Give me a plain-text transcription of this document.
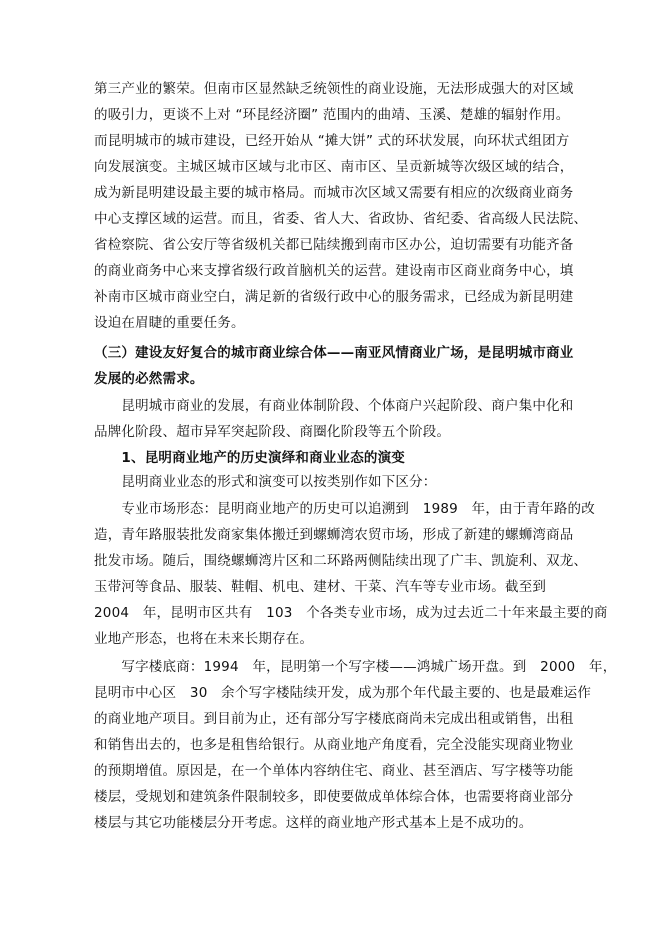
第三产业的繁荣。但南市区显然缺乏统领性的商业设施，无法形成强大的对区域
的吸引力，更谈不上对 “环昆经济圈” 范围内的曲靖、玉溪、楚雄的辐射作用。
而昆明城市的城市建设，已经开始从 “摊大饼” 式的环状发展，向环状式组团方
向发展演变。主城区城市区域与北市区、南市区、呈贡新城等次级区域的结合，
成为新昆明建设最主要的城市格局。而城市次区域又需要有相应的次级商业商务
中心支撑区域的运营。而且，省委、省人大、省政协、省纪委、省高级人民法院、
省检察院、省公安厅等省级机关都已陆续搬到南市区办公，迫切需要有功能齐备
的商业商务中心来支撑省级行政首脑机关的运营。建设南市区商业商务中心，填
补南市区城市商业空白，满足新的省级行政中心的服务需求，已经成为新昆明建
设迫在眉睫的重要任务。
（三）建设友好复合的城市商业综合体——南亚风情商业广场，是昆明城市商业
发展的必然需求。
　　昆明城市商业的发展，有商业体制阶段、个体商户兴起阶段、商户集中化和
品牌化阶段、超市异军突起阶段、商圈化阶段等五个阶段。
　　1、昆明商业地产的历史演绎和商业业态的演变
　　昆明商业业态的形式和演变可以按类别作如下区分：
　　专业市场形态：昆明商业地产的历史可以追溯到　1989　年，由于青年路的改
造，青年路服装批发商家集体搬迁到螺蛳湾农贸市场，形成了新建的螺蛳湾商品
批发市场。随后，围绕螺蛳湾片区和二环路两侧陆续出现了广丰、凯旋利、双龙、
玉带河等食品、服装、鞋帽、机电、建材、干菜、汽车等专业市场。截至到
2004　年，昆明市区共有　103　个各类专业市场，成为过去近二十年来最主要的商
业地产形态，也将在未来长期存在。
　　写字楼底商：1994　年，昆明第一个写字楼——鸿城广场开盘。到　2000　年，
昆明市中心区　30　余个写字楼陆续开发，成为那个年代最主要的、也是最难运作
的商业地产项目。到目前为止，还有部分写字楼底商尚未完成出租或销售，出租
和销售出去的，也多是租售给银行。从商业地产角度看，完全没能实现商业物业
的预期增值。原因是，在一个单体内容纳住宅、商业、甚至酒店、写字楼等功能
楼层，受规划和建筑条件限制较多，即使要做成单体综合体，也需要将商业部分
楼层与其它功能楼层分开考虑。这样的商业地产形式基本上是不成功的。
